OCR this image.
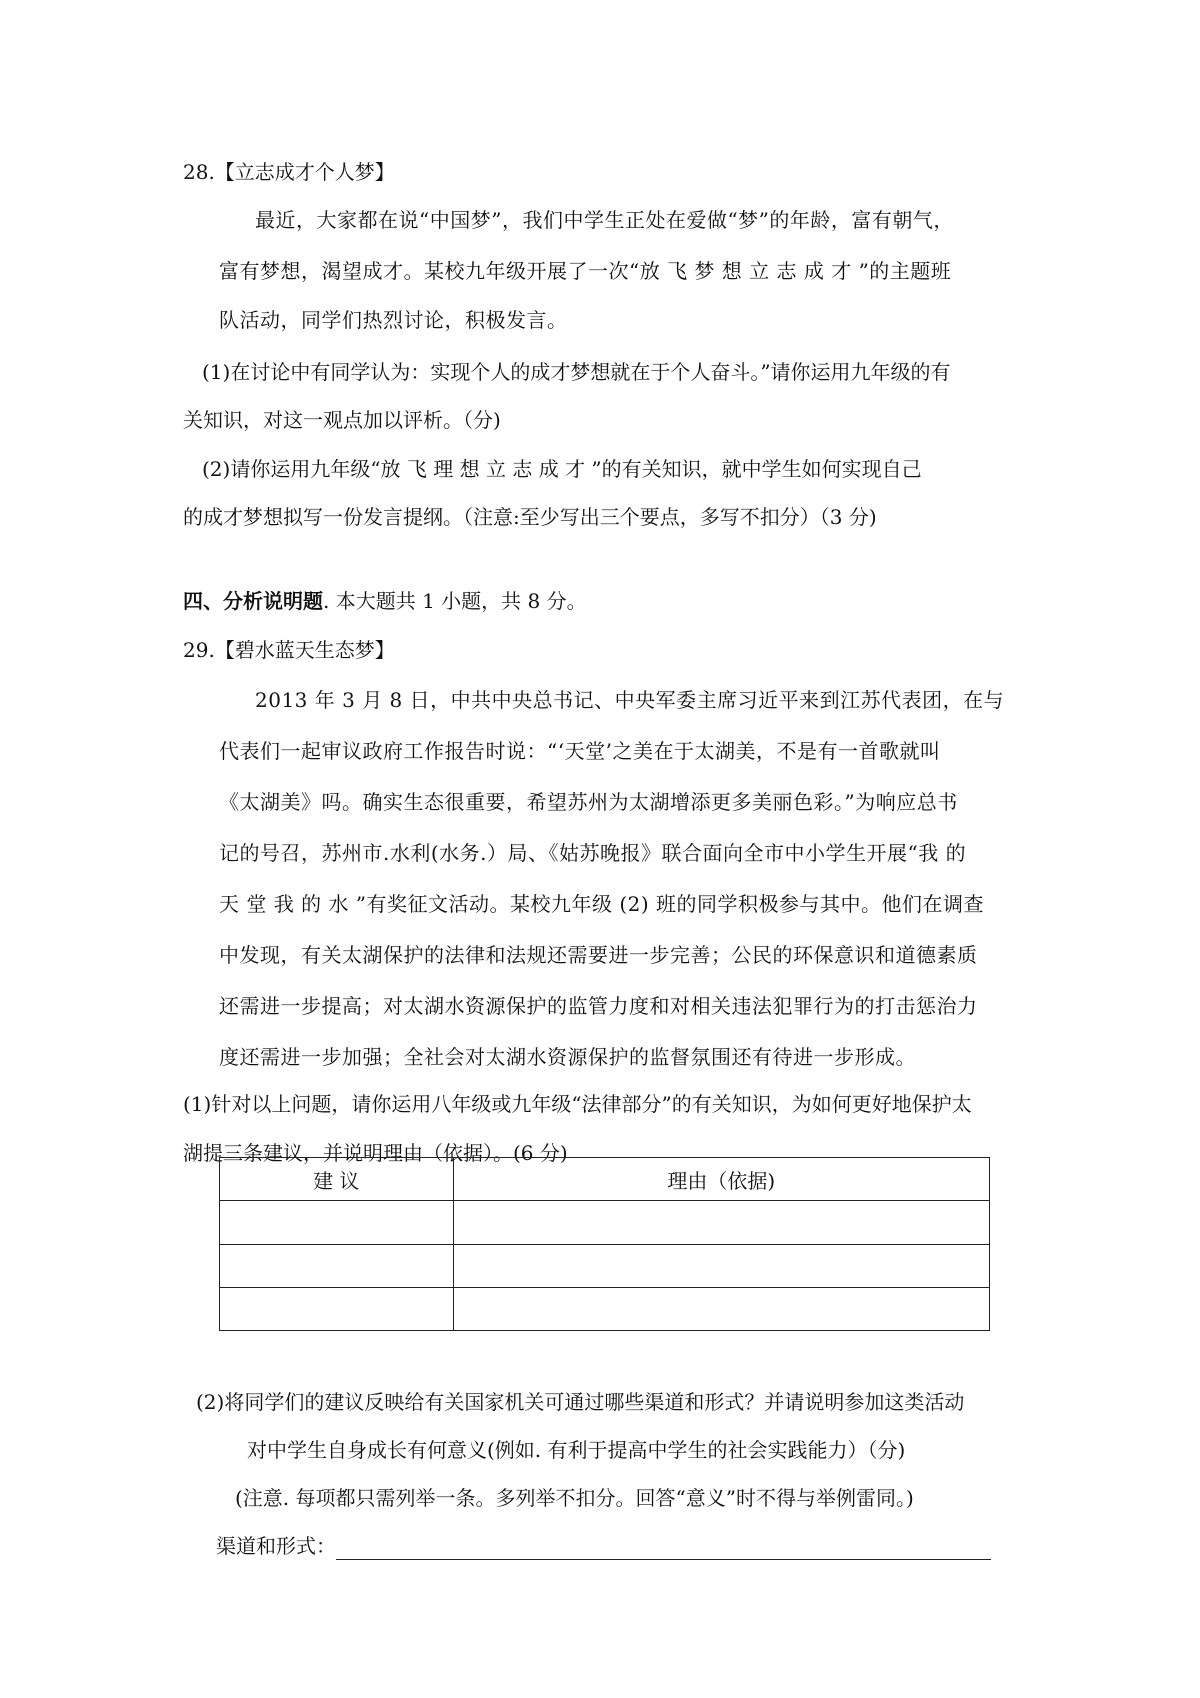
28.【立志成才个人梦】
最近，大家都在说“中国梦”，我们中学生正处在爱做“梦”的年龄，富有朝气，
富有梦想，渴望成才。某校九年级开展了一次“放 飞 梦 想 立 志 成 才 ”的主题班
队活动，同学们热烈讨论，积极发言。
(1)在讨论中有同学认为：实现个人的成才梦想就在于个人奋斗。”请你运用九年级的有
关知识，对这一观点加以评析。（分)
(2)请你运用九年级“放 飞 理 想 立 志 成 才 ”的有关知识，就中学生如何实现自己
的成才梦想拟写一份发言提纲。（注意:至少写出三个要点，多写不扣分）（3 分)
四、分析说明题. 本大题共 1 小题，共 8 分。
29.【碧水蓝天生态梦】
2013 年 3 月 8 日，中共中央总书记、中央军委主席习近平来到江苏代表团，在与
代表们一起审议政府工作报告时说：“‘天堂’之美在于太湖美，不是有一首歌就叫
《太湖美》吗。确实生态很重要，希望苏州为太湖增添更多美丽色彩。”为响应总书
记的号召，苏州市.水利(水务.）局、《姑苏晚报》联合面向全市中小学生开展“我 的
天 堂 我 的 水 ”有奖征文活动。某校九年级 (2) 班的同学积极参与其中。他们在调查
中发现，有关太湖保护的法律和法规还需要进一步完善；公民的环保意识和道德素质
还需进一步提高；对太湖水资源保护的监管力度和对相关违法犯罪行为的打击惩治力
度还需进一步加强；全社会对太湖水资源保护的监督氛围还有待进一步形成。
(1)针对以上问题，请你运用八年级或九年级“法律部分”的有关知识，为如何更好地保护太
湖提三条建议，并说明理由（依据）。(6 分)
建 议	理由（依据)

(2)将同学们的建议反映给有关国家机关可通过哪些渠道和形式？并请说明参加这类活动
对中学生自身成长有何意义(例如. 有利于提高中学生的社会实践能力）（分)
(注意. 每项都只需列举一条。多列举不扣分。回答“意义”时不得与举例雷同。)
渠道和形式：
